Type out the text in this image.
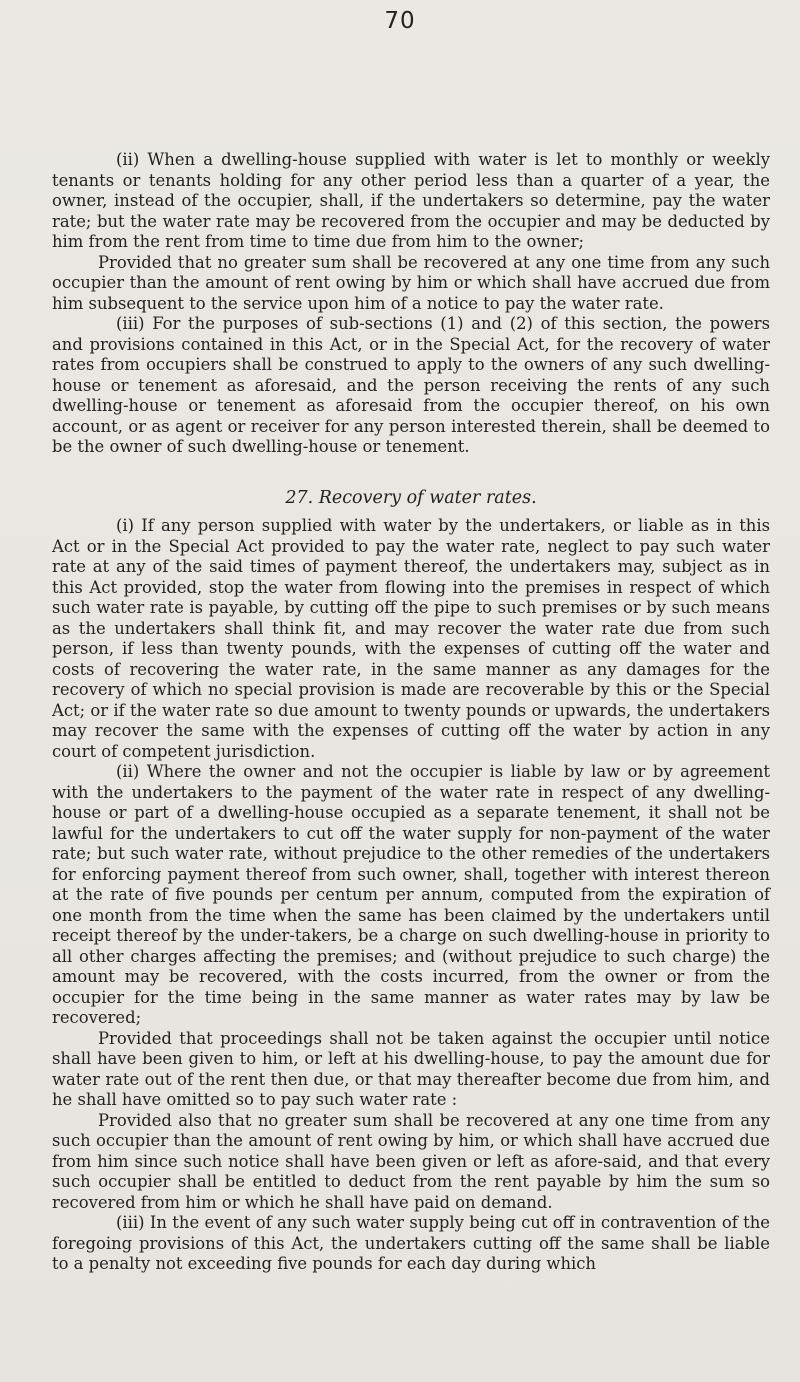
70

(ii) When a dwelling-house supplied with water is let to monthly or weekly tenants or tenants holding for any other period less than a quarter of a year, the owner, instead of the occupier, shall, if the undertakers so determine, pay the water rate; but the water rate may be recovered from the occupier and may be deducted by him from the rent from time to time due from him to the owner;

Provided that no greater sum shall be recovered at any one time from any such occupier than the amount of rent owing by him or which shall have accrued due from him subsequent to the service upon him of a notice to pay the water rate.

(iii) For the purposes of sub-sections (1) and (2) of this section, the powers and provisions contained in this Act, or in the Special Act, for the recovery of water rates from occupiers shall be construed to apply to the owners of any such dwelling-house or tenement as aforesaid, and the person receiving the rents of any such dwelling-house or tenement as aforesaid from the occupier thereof, on his own account, or as agent or receiver for any person interested therein, shall be deemed to be the owner of such dwelling-house or tenement.

27. Recovery of water rates.

(i) If any person supplied with water by the undertakers, or liable as in this Act or in the Special Act provided to pay the water rate, neglect to pay such water rate at any of the said times of payment thereof, the undertakers may, subject as in this Act provided, stop the water from flowing into the premises in respect of which such water rate is payable, by cutting off the pipe to such premises or by such means as the undertakers shall think fit, and may recover the water rate due from such person, if less than twenty pounds, with the expenses of cutting off the water and costs of recovering the water rate, in the same manner as any damages for the recovery of which no special provision is made are recoverable by this or the Special Act; or if the water rate so due amount to twenty pounds or upwards, the undertakers may recover the same with the expenses of cutting off the water by action in any court of competent jurisdiction.

(ii) Where the owner and not the occupier is liable by law or by agreement with the undertakers to the payment of the water rate in respect of any dwelling-house or part of a dwelling-house occupied as a separate tenement, it shall not be lawful for the undertakers to cut off the water supply for non-payment of the water rate; but such water rate, without prejudice to the other remedies of the undertakers for enforcing payment thereof from such owner, shall, together with interest thereon at the rate of five pounds per centum per annum, computed from the expiration of one month from the time when the same has been claimed by the undertakers until receipt thereof by the under-takers, be a charge on such dwelling-house in priority to all other charges affecting the premises; and (without prejudice to such charge) the amount may be recovered, with the costs incurred, from the owner or from the occupier for the time being in the same manner as water rates may by law be recovered;

Provided that proceedings shall not be taken against the occupier until notice shall have been given to him, or left at his dwelling-house, to pay the amount due for water rate out of the rent then due, or that may thereafter become due from him, and he shall have omitted so to pay such water rate :

Provided also that no greater sum shall be recovered at any one time from any such occupier than the amount of rent owing by him, or which shall have accrued due from him since such notice shall have been given or left as afore-said, and that every such occupier shall be entitled to deduct from the rent payable by him the sum so recovered from him or which he shall have paid on demand.

(iii) In the event of any such water supply being cut off in contravention of the foregoing provisions of this Act, the undertakers cutting off the same shall be liable to a penalty not exceeding five pounds for each day during which
